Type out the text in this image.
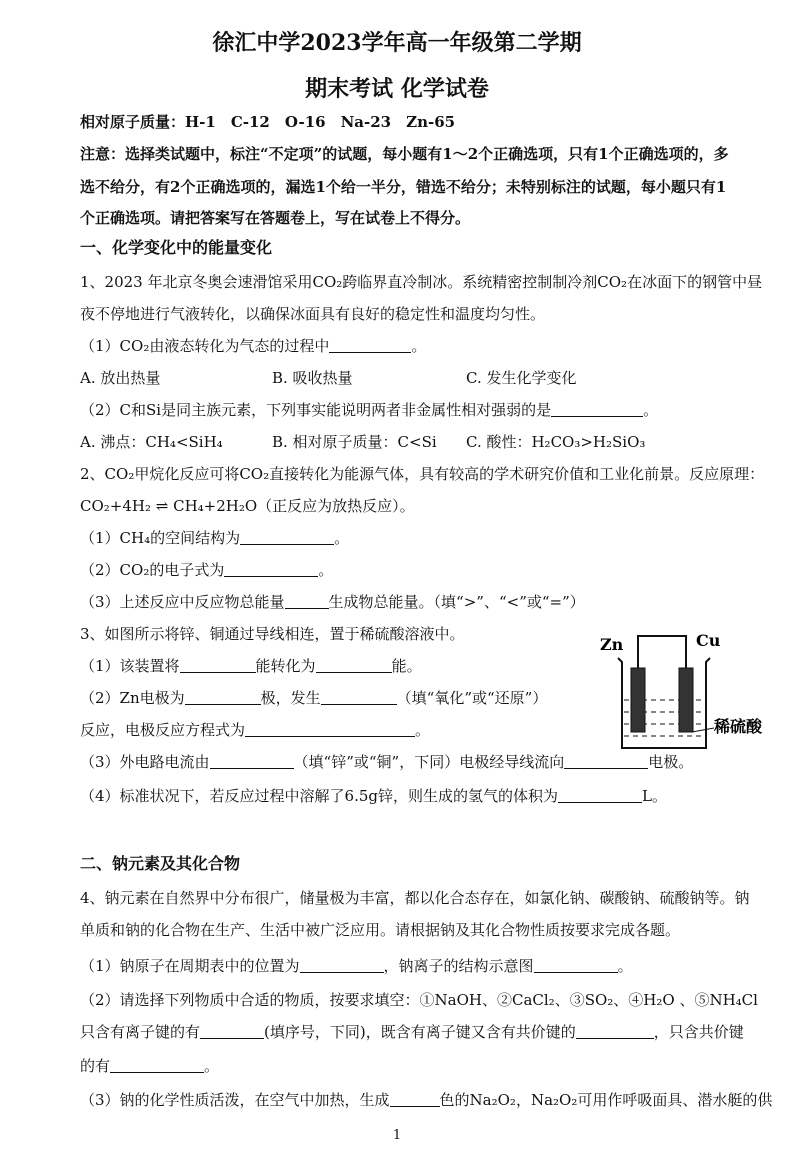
徐汇中学2023学年高一年级第二学期
期末考试 化学试卷
相对原子质量：H-1　C-12　O-16　Na-23　Zn-65
注意：选择类试题中，标注“不定项”的试题，每小题有1～2个正确选项，只有1个正确选项的，多
选不给分，有2个正确选项的，漏选1个给一半分，错选不给分；未特别标注的试题，每小题只有1
个正确选项。请把答案写在答题卷上，写在试卷上不得分。
一、化学变化中的能量变化
1、2023 年北京冬奥会速滑馆采用CO₂跨临界直冷制冰。系统精密控制制冷剂CO₂在冰面下的钢管中昼
夜不停地进行气液转化，以确保冰面具有良好的稳定性和温度均匀性。
（1）CO₂由液态转化为气态的过程中	。
A. 放出热量	B. 吸收热量	C. 发生化学变化
（2）C和Si是同主族元素，下列事实能说明两者非金属性相对强弱的是	。
A. 沸点：CH₄<SiH₄	B. 相对原子质量：C<Si C. 酸性：H₂CO₃>H₂SiO₃
2、CO₂甲烷化反应可将CO₂直接转化为能源气体，具有较高的学术研究价值和工业化前景。反应原理：
CO₂+4H₂ ⇌ CH₄+2H₂O（正反应为放热反应）。
（1）CH₄的空间结构为	。
（2）CO₂的电子式为	。
（3）上述反应中反应物总能量	生成物总能量。（填“>”、“<”或“=”）
3、如图所示将锌、铜通过导线相连，置于稀硫酸溶液中。
（1）该装置将	能转化为	能。
（2）Zn电极为	极，发生	（填“氧化”或“还原”）
反应，电极反应方程式为	。
（3）外电路电流由	（填“锌”或“铜”，下同）电极经导线流向	电极。
（4）标准状况下，若反应过程中溶解了6.5g锌，则生成的氢气的体积为	L。
Zn	Cu
稀硫酸
二、钠元素及其化合物
4、钠元素在自然界中分布很广，储量极为丰富，都以化合态存在，如氯化钠、碳酸钠、硫酸钠等。钠
单质和钠的化合物在生产、生活中被广泛应用。请根据钠及其化合物性质按要求完成各题。
（1）钠原子在周期表中的位置为	，钠离子的结构示意图	。
（2）请选择下列物质中合适的物质，按要求填空：①NaOH、②CaCl₂、③SO₂、④H₂O 、⑤NH₄Cl
只含有离子键的有	(填序号，下同)，既含有离子键又含有共价键的	，只含共价键
的有	。
（3）钠的化学性质活泼，在空气中加热，生成	色的Na₂O₂，Na₂O₂可用作呼吸面具、潜水艇的供
1
